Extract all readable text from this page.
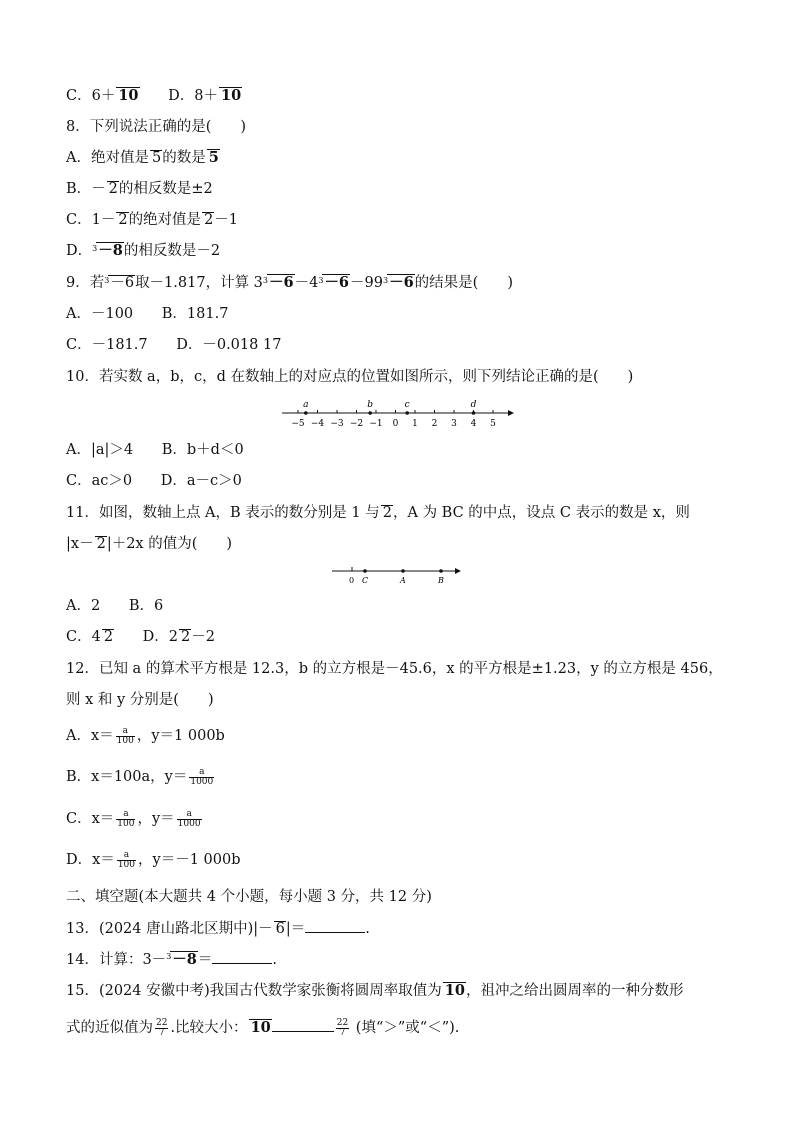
C．6＋ 10 D．8＋ 10
8．下列说法正确的是(　　)
A．绝对值是 5的数是 5
B．－ 2的相反数是±2
C．1－ 2的绝对值是 2－1
D．$^3$－8的相反数是－2
9．若$^3$－6取－1.817，计算 $3^3-6-4^3-6-99^3-6$的结果是(　　)
A．－100 B．181.7
C．－181.7 D．－0.018 17
10．若实数 a，b，c，d 在数轴上的对应点的位置如图所示，则下列结论正确的是(　　)
−5 −4 −3 −2 −1 0 1 2 3 4 5
a	b	c	d
A．|a|＞4 B．b＋d＜0
C．ac＞0 D．a－c＞0
11．如图，数轴上点 A，B 表示的数分别是 1 与 2，A 为 BC 的中点，设点 C 表示的数是 x，则
|x－ 2|＋2x 的值为(　　)
0 C	A	B
A．2 B．6
C．4 2 D．2 2－2
12．已知 a 的算术平方根是 12.3，b 的立方根是－45.6，x 的平方根是±1.23，y 的立方根是 456，
则 x 和 y 分别是(　　)
A．$x= \frac{a}{100}$ ，y＝1 000b
B．x＝100a，$y= \frac{a}{1000}$
C．$x= \frac{a}{100}$ ，$y= \frac{a}{1000}$
D．$x= \frac{a}{100}$ ，y＝－1 000b
二、填空题(本大题共 4 个小题，每小题 3 分，共 12 分)
13．(2024 唐山路北区期中)|－ 6|＝	.
14．计算：3－$^3$－8＝	.
15．(2024 安徽中考)我国古代数学家张衡将圆周率取值为 10，祖冲之给出圆周率的一种分数形
式的近似值为 $\frac{22}{7}$ .比较大小： 10	$\frac{22}{7}$ (填“＞”或“＜”).
